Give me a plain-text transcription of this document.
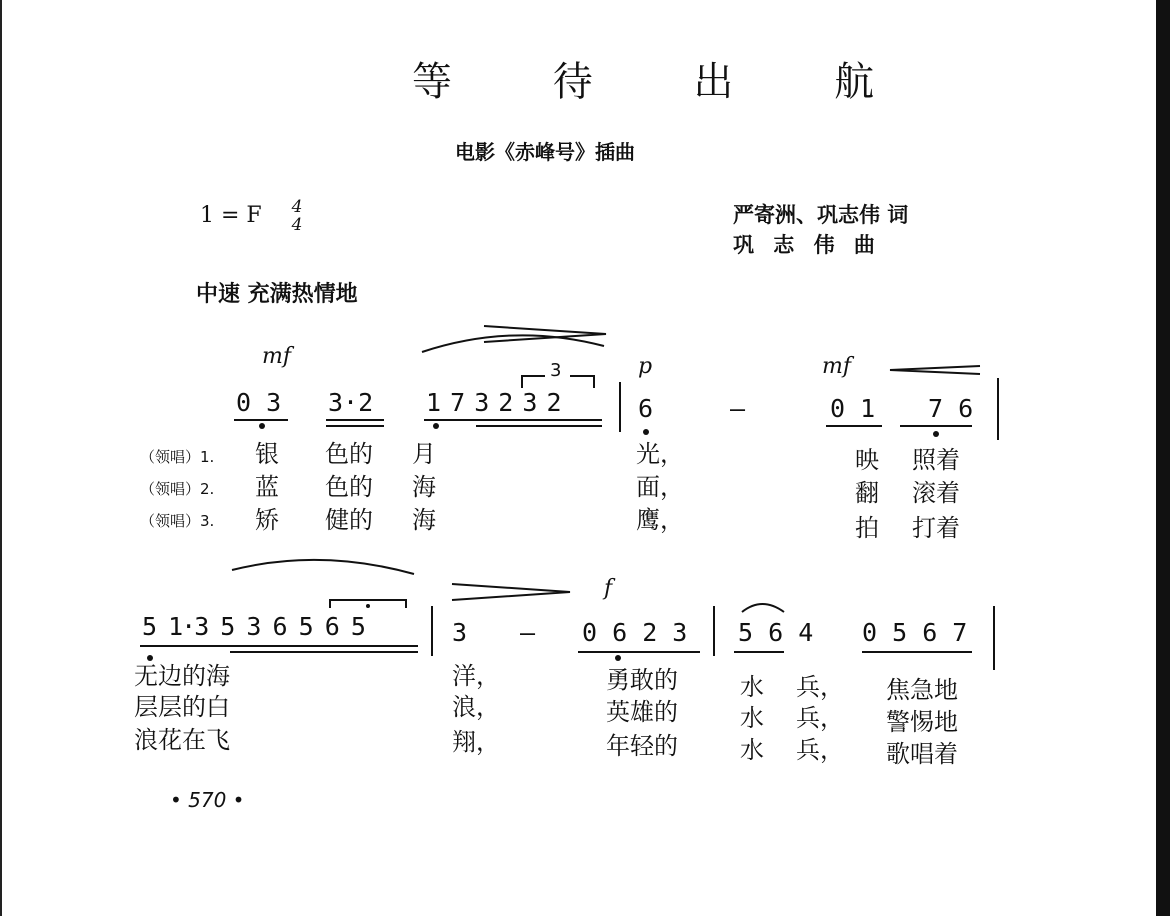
等 待 出 航
电影《赤峰号》插曲
1 = F	4
4	严寄洲、巩志伟 词
巩 志 伟 曲
中速 充满热情地
mf	p	mf
3
0 3 3·2 1 7 3 2 3 2	6	—	0 1 7 6
（领唱）1.
（领唱）2.
（领唱）3.
银 色的 月	光，	映 照着
蓝 色的 海	面，	翻 滚着
矫 健的 海	鹰，	拍 打着
f
5 1·3 5 3 6 5 6 5	3 — 0 6 2 3 5 6 4 0 5 6 7
无边的海	洋，	勇敢的	水 兵， 焦急地
层层的白	浪，	英雄的	水 兵， 警惕地
浪花在飞	翔，	年轻的	水 兵， 歌唱着
• 570 •
